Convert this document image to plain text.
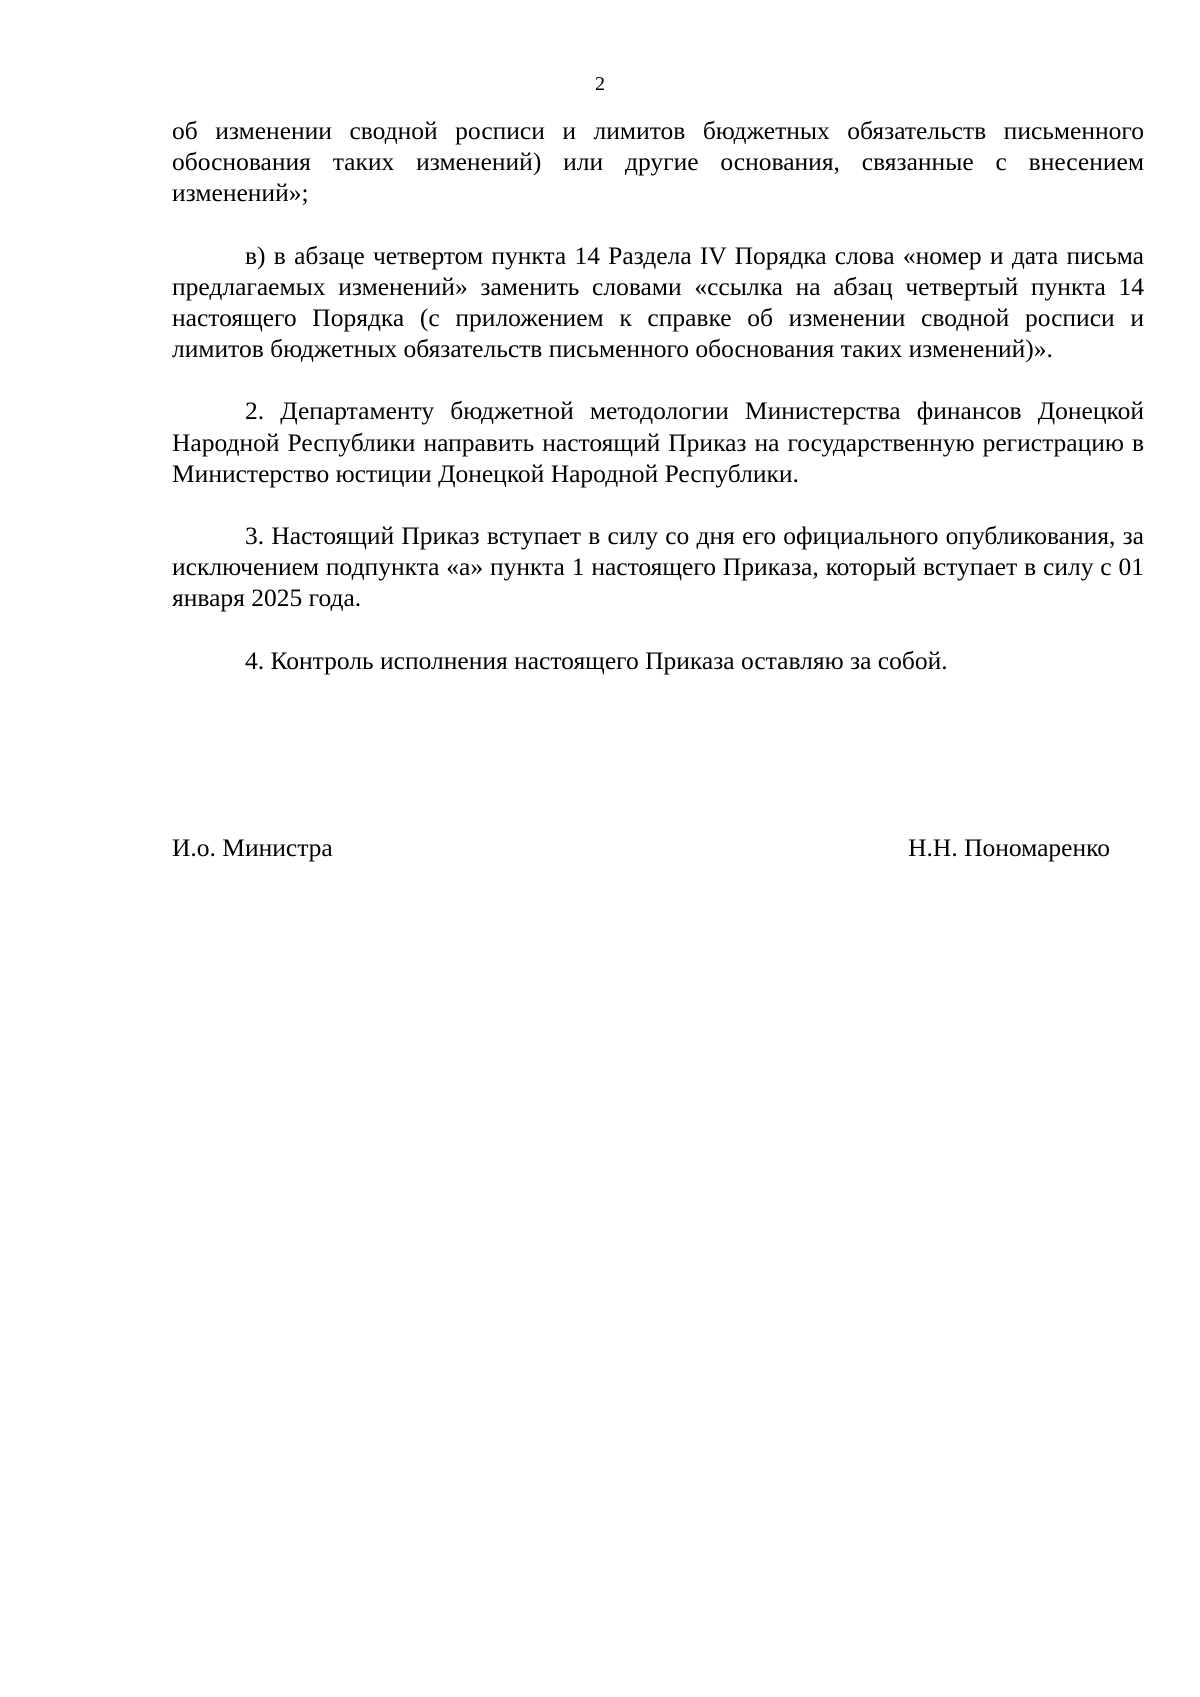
2

об изменении сводной росписи и лимитов бюджетных обязательств письменного обоснования таких изменений) или другие основания, связанные с внесением изменений»;

в) в абзаце четвертом пункта 14 Раздела IV Порядка слова «номер и дата письма предлагаемых изменений» заменить словами «ссылка на абзац четвертый пункта 14 настоящего Порядка (с приложением к справке об изменении сводной росписи и лимитов бюджетных обязательств письменного обоснования таких изменений)».

2. Департаменту бюджетной методологии Министерства финансов Донецкой Народной Республики направить настоящий Приказ на государственную регистрацию в Министерство юстиции Донецкой Народной Республики.

3. Настоящий Приказ вступает в силу со дня его официального опубликования, за исключением подпункта «а» пункта 1 настоящего Приказа, который вступает в силу с 01 января 2025 года.

4. Контроль исполнения настоящего Приказа оставляю за собой.

И.о. Министра	Н.Н. Пономаренко
